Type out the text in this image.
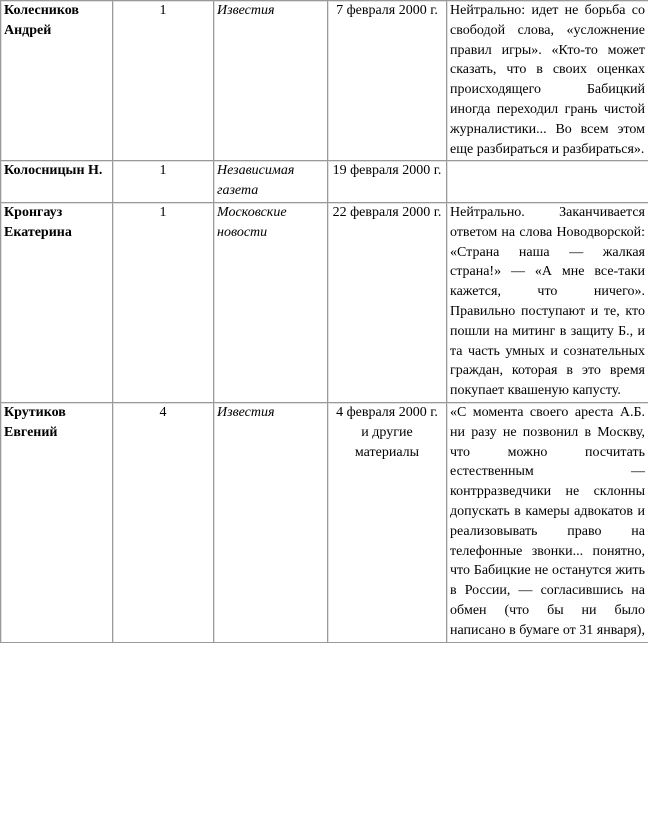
Колесников Андрей	1	Известия	7 февраля 2000 г.	Нейтрально: идет не борьба со свободой слова, «усложнение правил игры». «Кто-то может сказать, что в своих оценках происходящего Бабицкий иногда переходил грань чистой журналистики... Во всем этом еще разбираться и разбираться».
Колосницын Н.	1	Независимая газета	19 февраля 2000 г.	
Кронгауз Екатерина	1	Московские новости	22 февраля 2000 г.	Нейтрально. Заканчивается ответом на слова Новодворской: «Страна наша — жалкая страна!» — «А мне все-таки кажется, что ничего». Правильно поступают и те, кто пошли на митинг в защиту Б., и та часть умных и сознательных граждан, которая в это время покупает квашеную капусту.
Крутиков Евгений	4	Известия	4 февраля 2000 г. и другие материалы	«С момента своего ареста А.Б. ни разу не позвонил в Москву, что можно посчитать естественным — контрразведчики не склонны допускать в камеры адвокатов и реализовывать право на телефонные звонки... понятно, что Бабицкие не останутся жить в России, — согласившись на обмен (что бы ни было написано в бумаге от 31 января),
